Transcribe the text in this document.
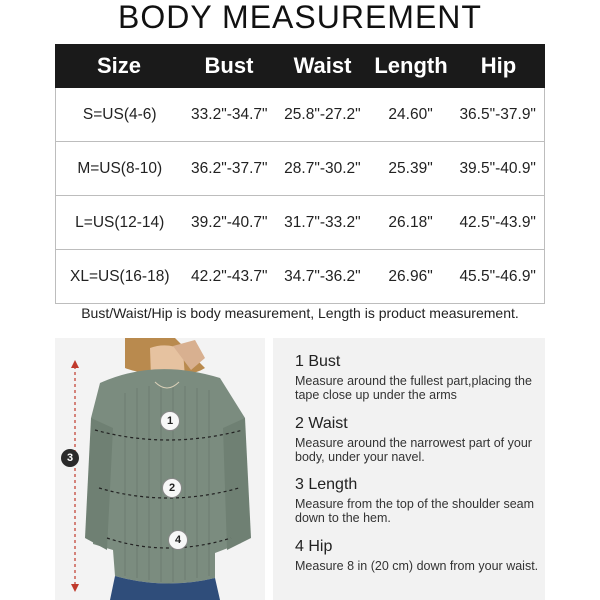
BODY MEASUREMENT
Size	Bust	Waist	Length	Hip
S=US(4-6)	33.2"-34.7"	25.8"-27.2"	24.60"	36.5"-37.9"
M=US(8-10)	36.2"-37.7"	28.7"-30.2"	25.39"	39.5"-40.9"
L=US(12-14)	39.2"-40.7"	31.7"-33.2"	26.18"	42.5"-43.9"
XL=US(16-18)	42.2"-43.7"	34.7"-36.2"	26.96"	45.5"-46.9"
Bust/Waist/Hip is body measurement, Length is product measurement.
1
2
3
4
1 Bust
Measure around the fullest part,placing the tape close up under the arms
2 Waist
Measure around the narrowest part of your body, under your navel.
3 Length
Measure from the top of the shoulder seam down to the hem.
4 Hip
Measure 8 in (20 cm) down from your waist.
